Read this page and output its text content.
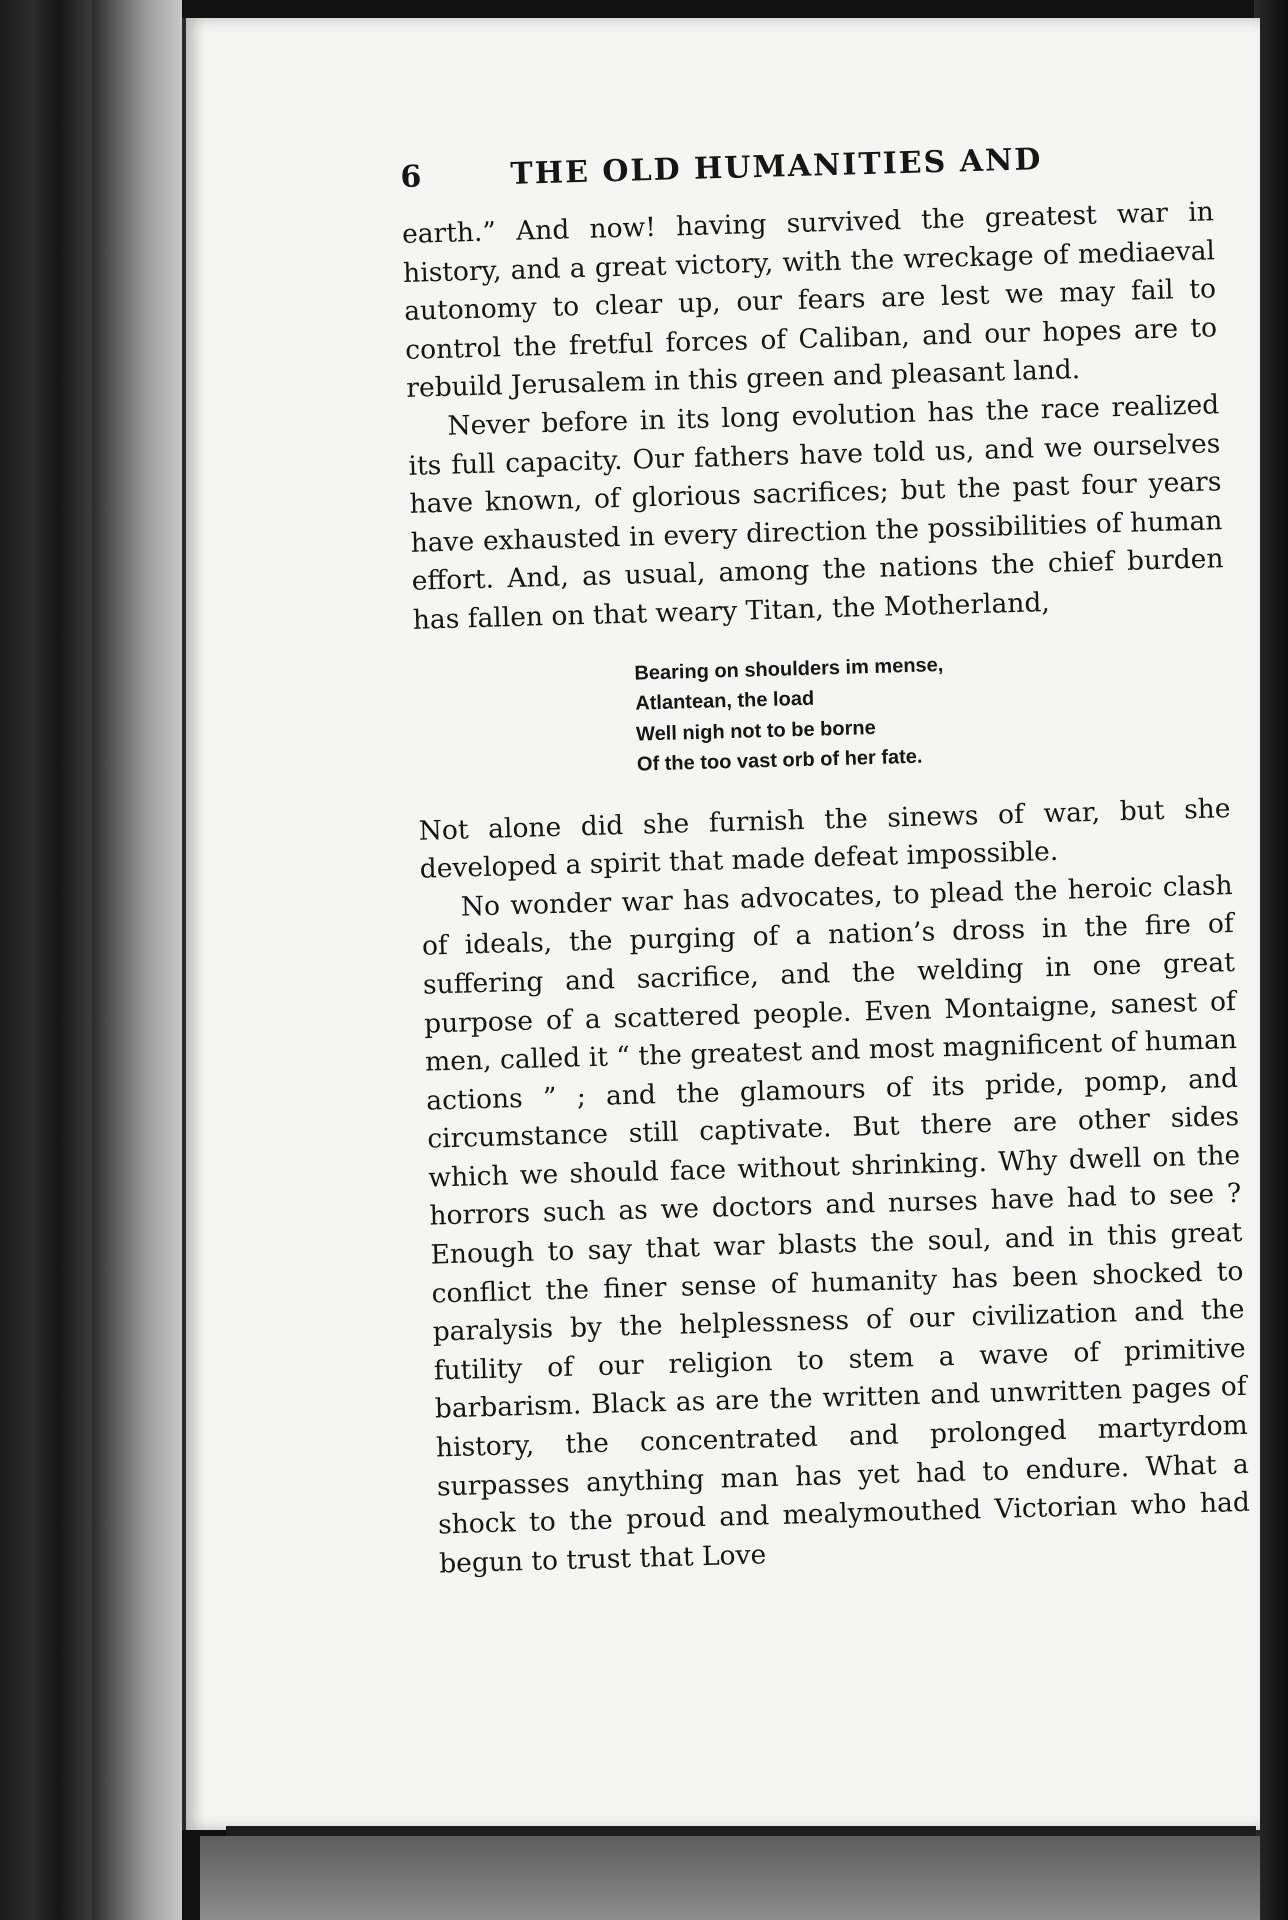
6	THE OLD HUMANITIES AND

earth.” And now! having survived the greatest war in history, and a great victory, with the wreckage of mediaeval autonomy to clear up, our fears are lest we may fail to control the fretful forces of Caliban, and our hopes are to rebuild Jerusalem in this green and pleasant land.

Never before in its long evolution has the race realized its full capacity. Our fathers have told us, and we ourselves have known, of glorious sacrifices; but the past four years have exhausted in every direction the possibilities of human effort. And, as usual, among the nations the chief burden has fallen on that weary Titan, the Motherland,

Bearing on shoulders im mense,
Atlantean, the load
Well nigh not to be borne
Of the too vast orb of her fate.

Not alone did she furnish the sinews of war, but she developed a spirit that made defeat impossible.

No wonder war has advocates, to plead the heroic clash of ideals, the purging of a nation’s dross in the fire of suffering and sacrifice, and the welding in one great purpose of a scattered people. Even Montaigne, sanest of men, called it “ the greatest and most magnificent of human actions ” ; and the glamours of its pride, pomp, and circumstance still captivate. But there are other sides which we should face without shrinking. Why dwell on the horrors such as we doctors and nurses have had to see ? Enough to say that war blasts the soul, and in this great conflict the finer sense of humanity has been shocked to paralysis by the helplessness of our civilization and the futility of our religion to stem a wave of primitive barbarism. Black as are the written and unwritten pages of history, the concentrated and prolonged martyrdom surpasses anything man has yet had to endure. What a shock to the proud and mealymouthed Victorian who had begun to trust that Love
